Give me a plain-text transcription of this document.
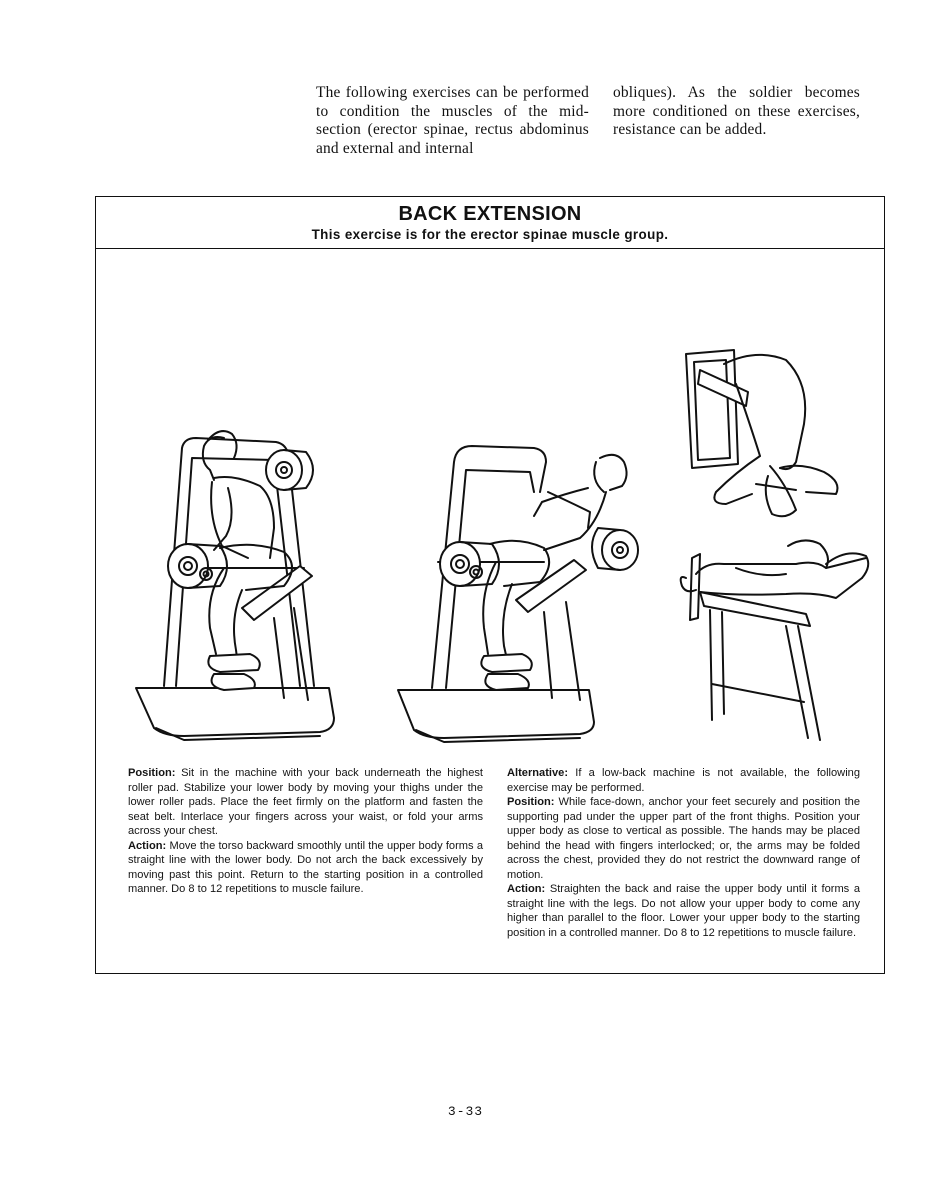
The following exercises can be performed to condition the muscles of the mid-section (erector spinae, rectus abdominus and external and internal
obliques). As the soldier becomes more conditioned on these exercises, resistance can be added.
BACK EXTENSION
This exercise is for the erector spinae muscle group.

Position: Sit in the machine with your back underneath the highest roller pad. Stabilize your lower body by moving your thighs under the lower roller pads. Place the feet firmly on the platform and fasten the seat belt. Interlace your fingers across your waist, or fold your arms across your chest.

Action: Move the torso backward smoothly until the upper body forms a straight line with the lower body. Do not arch the back excessively by moving past this point. Return to the starting position in a controlled manner. Do 8 to 12 repetitions to muscle failure.

Alternative: If a low-back machine is not available, the following exercise may be performed.

Position: While face-down, anchor your feet securely and position the supporting pad under the upper part of the front thighs. Position your upper body as close to vertical as possible. The hands may be placed behind the head with fingers interlocked; or, the arms may be folded across the chest, provided they do not restrict the downward range of motion.

Action: Straighten the back and raise the upper body until it forms a straight line with the legs. Do not allow your upper body to come any higher than parallel to the floor. Lower your upper body to the starting position in a controlled manner. Do 8 to 12 repetitions to muscle failure.

3-33
